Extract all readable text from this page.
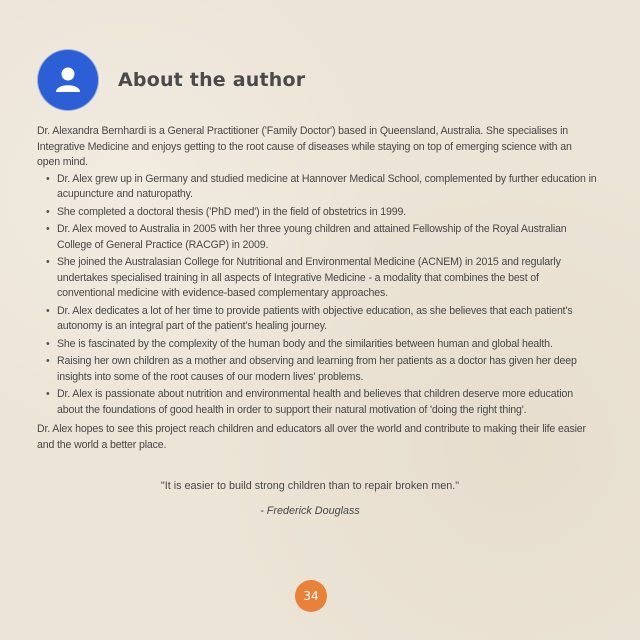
About the author

Dr. Alexandra Bernhardi is a General Practitioner ('Family Doctor') based in Queensland, Australia. She specialises in Integrative Medicine and enjoys getting to the root cause of diseases while staying on top of emerging science with an open mind.

• Dr. Alex grew up in Germany and studied medicine at Hannover Medical School, complemented by further education in acupuncture and naturopathy.
• She completed a doctoral thesis ('PhD med') in the field of obstetrics in 1999.
• Dr. Alex moved to Australia in 2005 with her three young children and attained Fellowship of the Royal Australian College of General Practice (RACGP) in 2009.
• She joined the Australasian College for Nutritional and Environmental Medicine (ACNEM) in 2015 and regularly undertakes specialised training in all aspects of Integrative Medicine - a modality that combines the best of conventional medicine with evidence-based complementary approaches.
• Dr. Alex dedicates a lot of her time to provide patients with objective education, as she believes that each patient's autonomy is an integral part of the patient's healing journey.
• She is fascinated by the complexity of the human body and the similarities between human and global health.
• Raising her own children as a mother and observing and learning from her patients as a doctor has given her deep insights into some of the root causes of our modern lives' problems.
• Dr. Alex is passionate about nutrition and environmental health and believes that children deserve more education about the foundations of good health in order to support their natural motivation of 'doing the right thing'.

Dr. Alex hopes to see this project reach children and educators all over the world and contribute to making their life easier and the world a better place.

"It is easier to build strong children than to repair broken men."
- Frederick Douglass
34
